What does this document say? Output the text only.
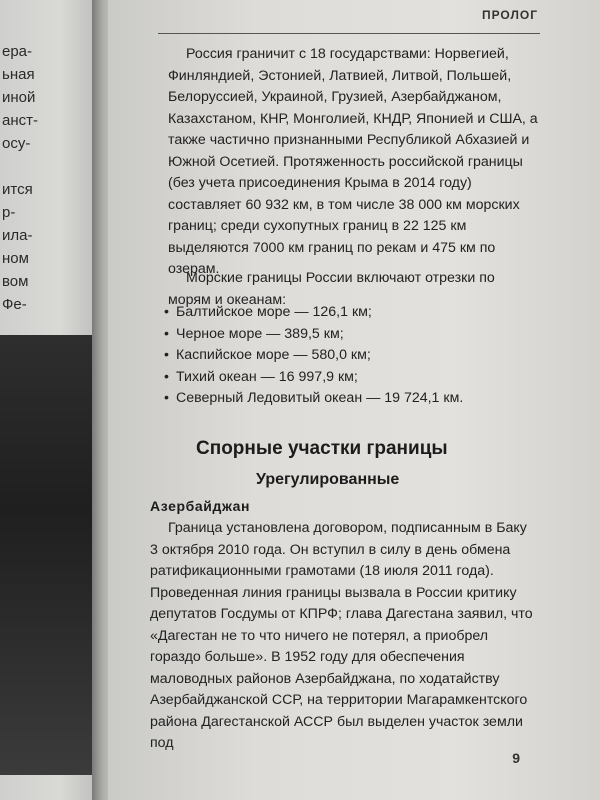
ера-
ьная
иной
анст-
осу-
ится
р-
ила-
ном
вом
Фе-
ПРОЛОГ
Россия граничит с 18 государствами: Норвегией, Финляндией, Эстонией, Латвией, Литвой, Польшей, Белоруссией, Украиной, Грузией, Азербайджаном, Казахстаном, КНР, Монголией, КНДР, Японией и США, а также частично признанными Республикой Абхазией и Южной Осетией. Протяженность российской границы (без учета присоединения Крыма в 2014 году) составляет 60 932 км, в том числе 38 000 км морских границ; среди сухопутных границ в 22 125 км выделяются 7000 км границ по рекам и 475 км по озерам.
Морские границы России включают отрезки по морям и океанам:
• Балтийское море — 126,1 км;
• Черное море — 389,5 км;
• Каспийское море — 580,0 км;
• Тихий океан — 16 997,9 км;
• Северный Ледовитый океан — 19 724,1 км.
Спорные участки границы
Урегулированные
Азербайджан
Граница установлена договором, подписанным в Баку 3 октября 2010 года. Он вступил в силу в день обмена ратификационными грамотами (18 июля 2011 года). Проведенная линия границы вызвала в России критику депутатов Госдумы от КПРФ; глава Дагестана заявил, что «Дагестан не то что ничего не потерял, а приобрел гораздо больше». В 1952 году для обеспечения маловодных районов Азербайджана, по ходатайству Азербайджанской ССР, на территории Магарамкентского района Дагестанской АССР был выделен участок земли под
9
